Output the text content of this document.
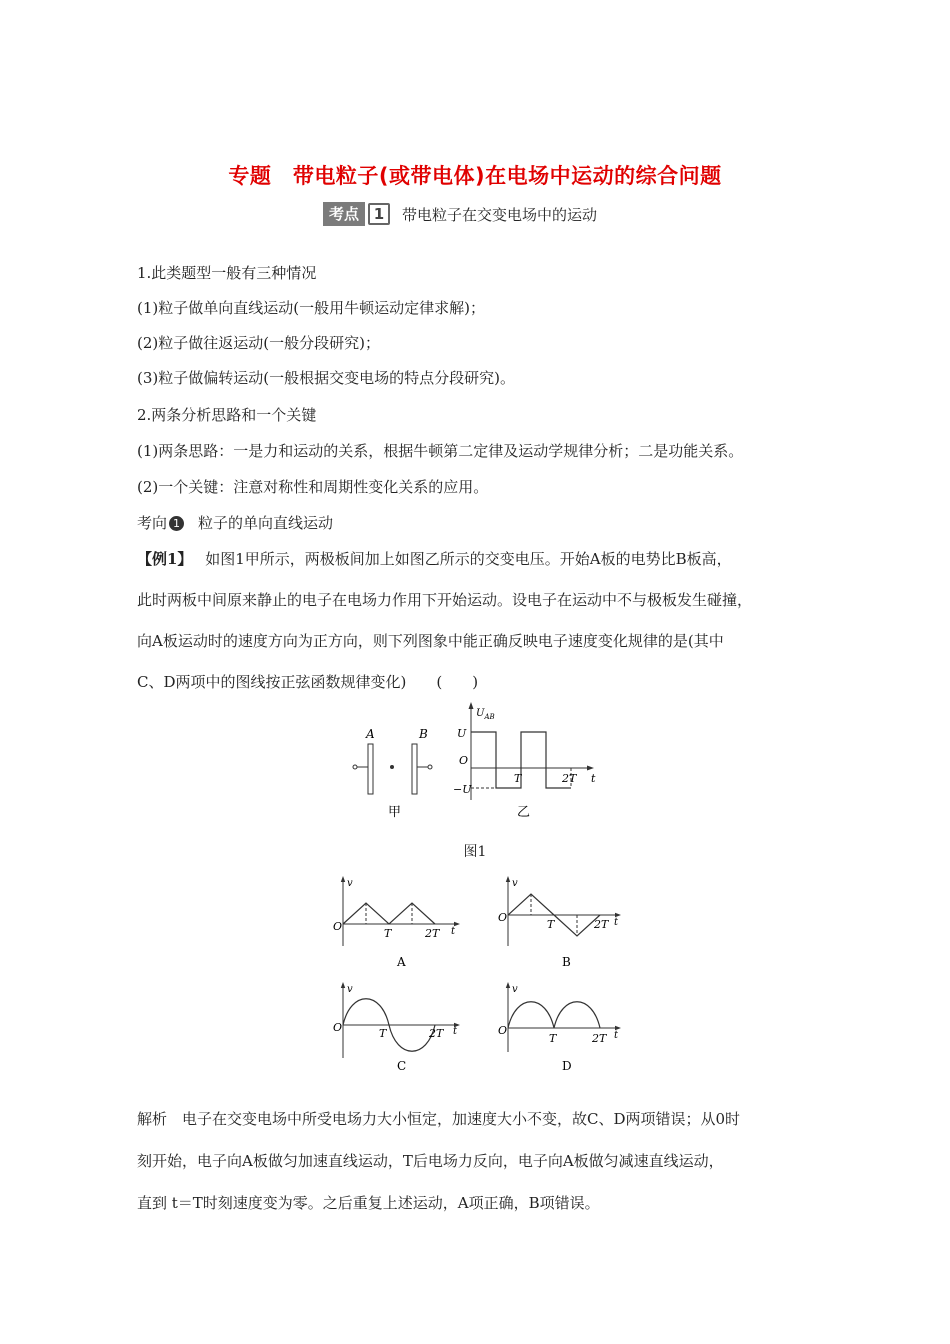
专题　带电粒子(或带电体)在电场中运动的综合问题
考点 1	带电粒子在交变电场中的运动
1.此类题型一般有三种情况
(1)粒子做单向直线运动(一般用牛顿运动定律求解)；
(2)粒子做往返运动(一般分段研究)；
(3)粒子做偏转运动(一般根据交变电场的特点分段研究)。
2.两条分析思路和一个关键
(1)两条思路：一是力和运动的关系，根据牛顿第二定律及运动学规律分析；二是功能关系。
(2)一个关键：注意对称性和周期性变化关系的应用。
考向 1 粒子的单向直线运动
【例1】 如图1甲所示，两极板间加上如图乙所示的交变电压。开始A板的电势比B板高，
此时两板中间原来静止的电子在电场力作用下开始运动。设电子在运动中不与极板发生碰撞，
向A板运动时的速度方向为正方向，则下列图象中能正确反映电子速度变化规律的是(其中
C、D两项中的图线按正弦函数规律变化)　　(　　)
A	B
甲
$U_{AB}$
U
−U
O
T	2T t
乙
图1
v
O
T	2T t
A
v
O
T	2T t
B
v
O	T	2T t
C
v
O
T	2T t
D
解析　电子在交变电场中所受电场力大小恒定，加速度大小不变，故C、D两项错误；从0时
刻开始，电子向A板做匀加速直线运动，T后电场力反向，电子向A板做匀减速直线运动，
直到 t＝T时刻速度变为零。之后重复上述运动，A项正确，B项错误。
